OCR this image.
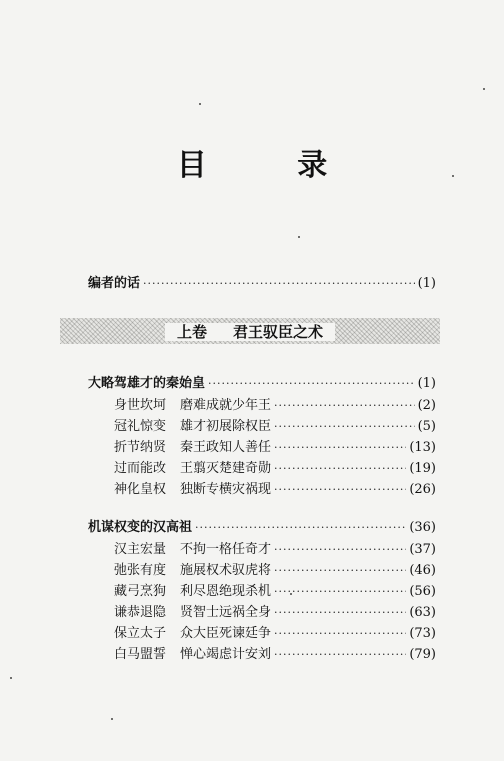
目 录
编者的话 ·····	(1)
上卷 君王驭臣之术
大略驾雄才的秦始皇 ·····	(1)
身世坎坷 磨难成就少年王 ·····	(2)
冠礼惊变 雄才初展除权臣 ·····	(5)
折节纳贤 秦王政知人善任 ·····	(13)
过而能改 王翦灭楚建奇勋 ·····	(19)
神化皇权 独断专横灾祸现 ·····	(26)
机谋权变的汉高祖 ·····	(36)
汉主宏量 不拘一格任奇才 ·····	(37)
弛张有度 施展权术驭虎将 ·····	(46)
藏弓烹狗 利尽恩绝现杀机 ·····	(56)
谦恭退隐 贤智士远祸全身 ·····	(63)
保立太子 众大臣死谏廷争 ·····	(73)
白马盟誓 惮心竭虑计安刘 ·····	(79)
